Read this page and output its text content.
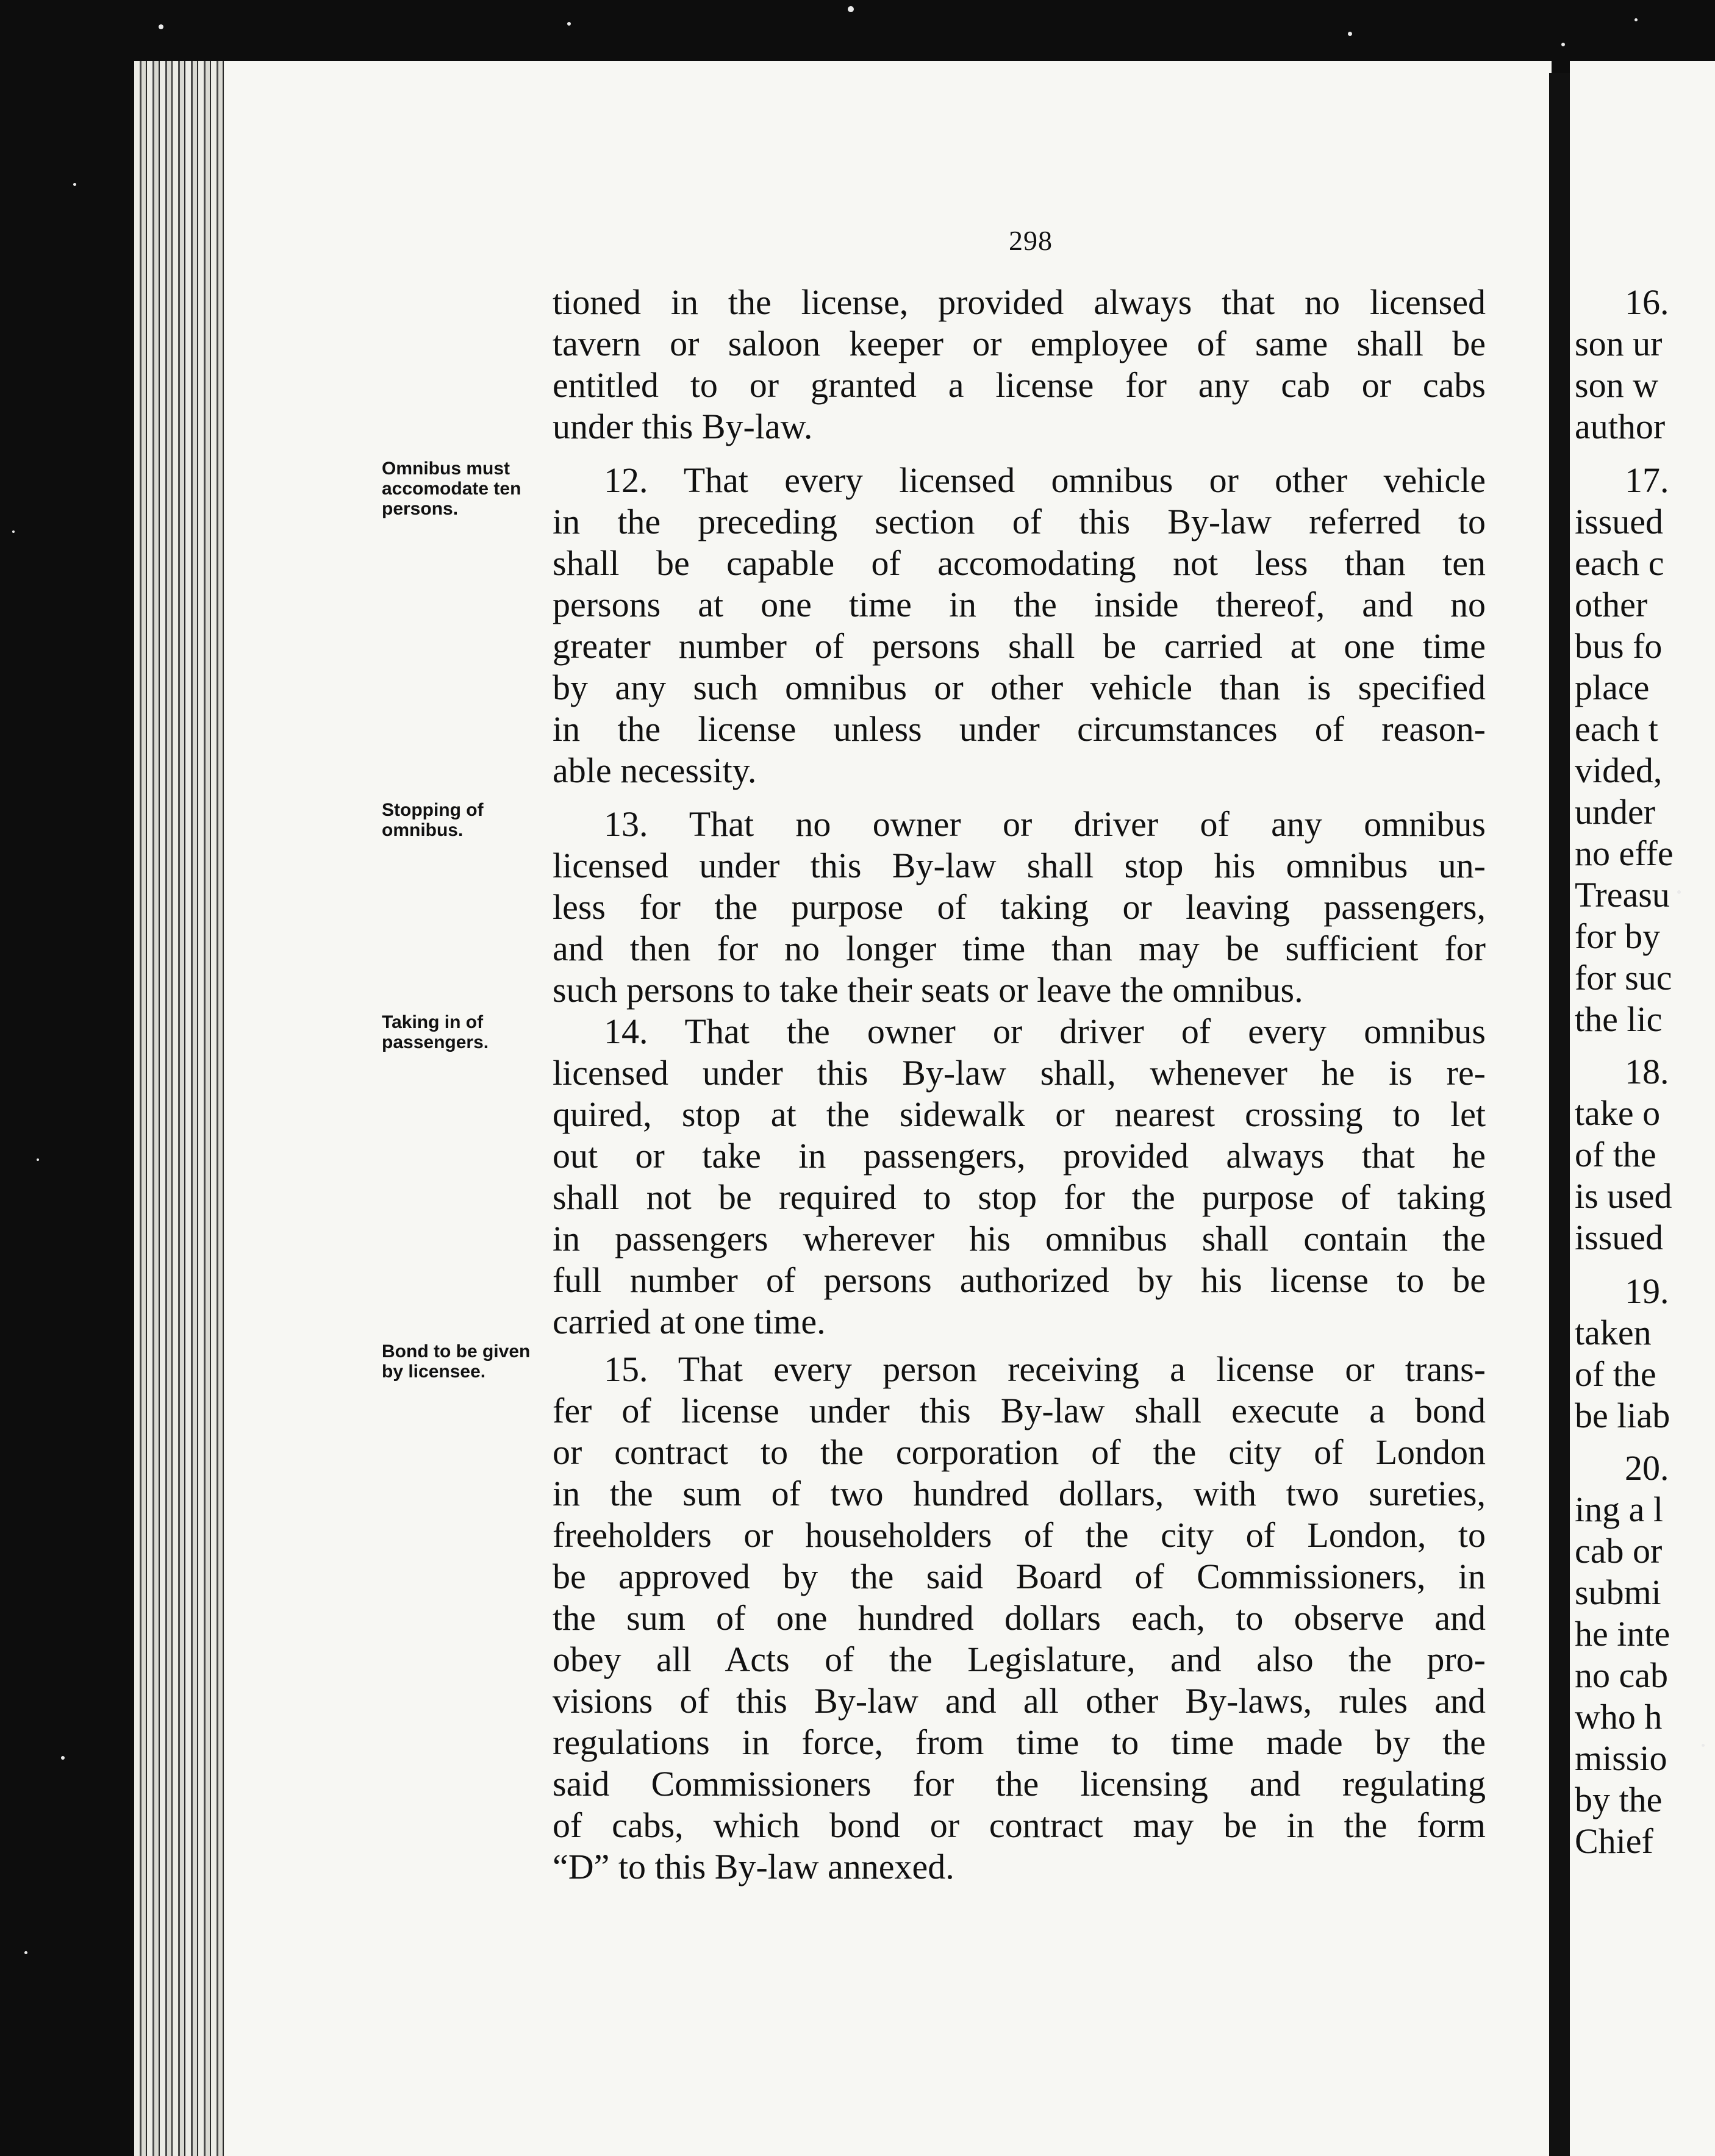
16.
son ur
son w
author
17.
issued
each c
other
bus fo
place
each t
vided,
under
no effe
Treasu
for by
for suc
the lic
18.
take o
of the
is used
issued
19.
taken
of the
be liab
20.
ing a l
cab or
submi
he inte
no cab
who h
missio
by the
Chief
298
tioned in the license, provided always that no licensed
tavern or saloon keeper or employee of same shall be
entitled to or granted a license for any cab or cabs
under this By-law.
12. That every licensed omnibus or other vehicle
in the preceding section of this By-law referred to
shall be capable of accomodating not less than ten
persons at one time in the inside thereof, and no
greater number of persons shall be carried at one time
by any such omnibus or other vehicle than is specified
in the license unless under circumstances of reason-
able necessity.
13. That no owner or driver of any omnibus
licensed under this By-law shall stop his omnibus un-
less for the purpose of taking or leaving passengers,
and then for no longer time than may be sufficient for
such persons to take their seats or leave the omnibus.
14. That the owner or driver of every omnibus
licensed under this By-law shall, whenever he is re-
quired, stop at the sidewalk or nearest crossing to let
out or take in passengers, provided always that he
shall not be required to stop for the purpose of taking
in passengers wherever his omnibus shall contain the
full number of persons authorized by his license to be
carried at one time.
15. That every person receiving a license or trans-
fer of license under this By-law shall execute a bond
or contract to the corporation of the city of London
in the sum of two hundred dollars, with two sureties,
freeholders or householders of the city of London, to
be approved by the said Board of Commissioners, in
the sum of one hundred dollars each, to observe and
obey all Acts of the Legislature, and also the pro-
visions of this By-law and all other By-laws, rules and
regulations in force, from time to time made by the
said Commissioners for the licensing and regulating
of cabs, which bond or contract may be in the form
“D” to this By-law annexed.
Omnibus must
accomodate ten
persons.
Stopping of
omnibus.
Taking in of
passengers.
Bond to be given
by licensee.
